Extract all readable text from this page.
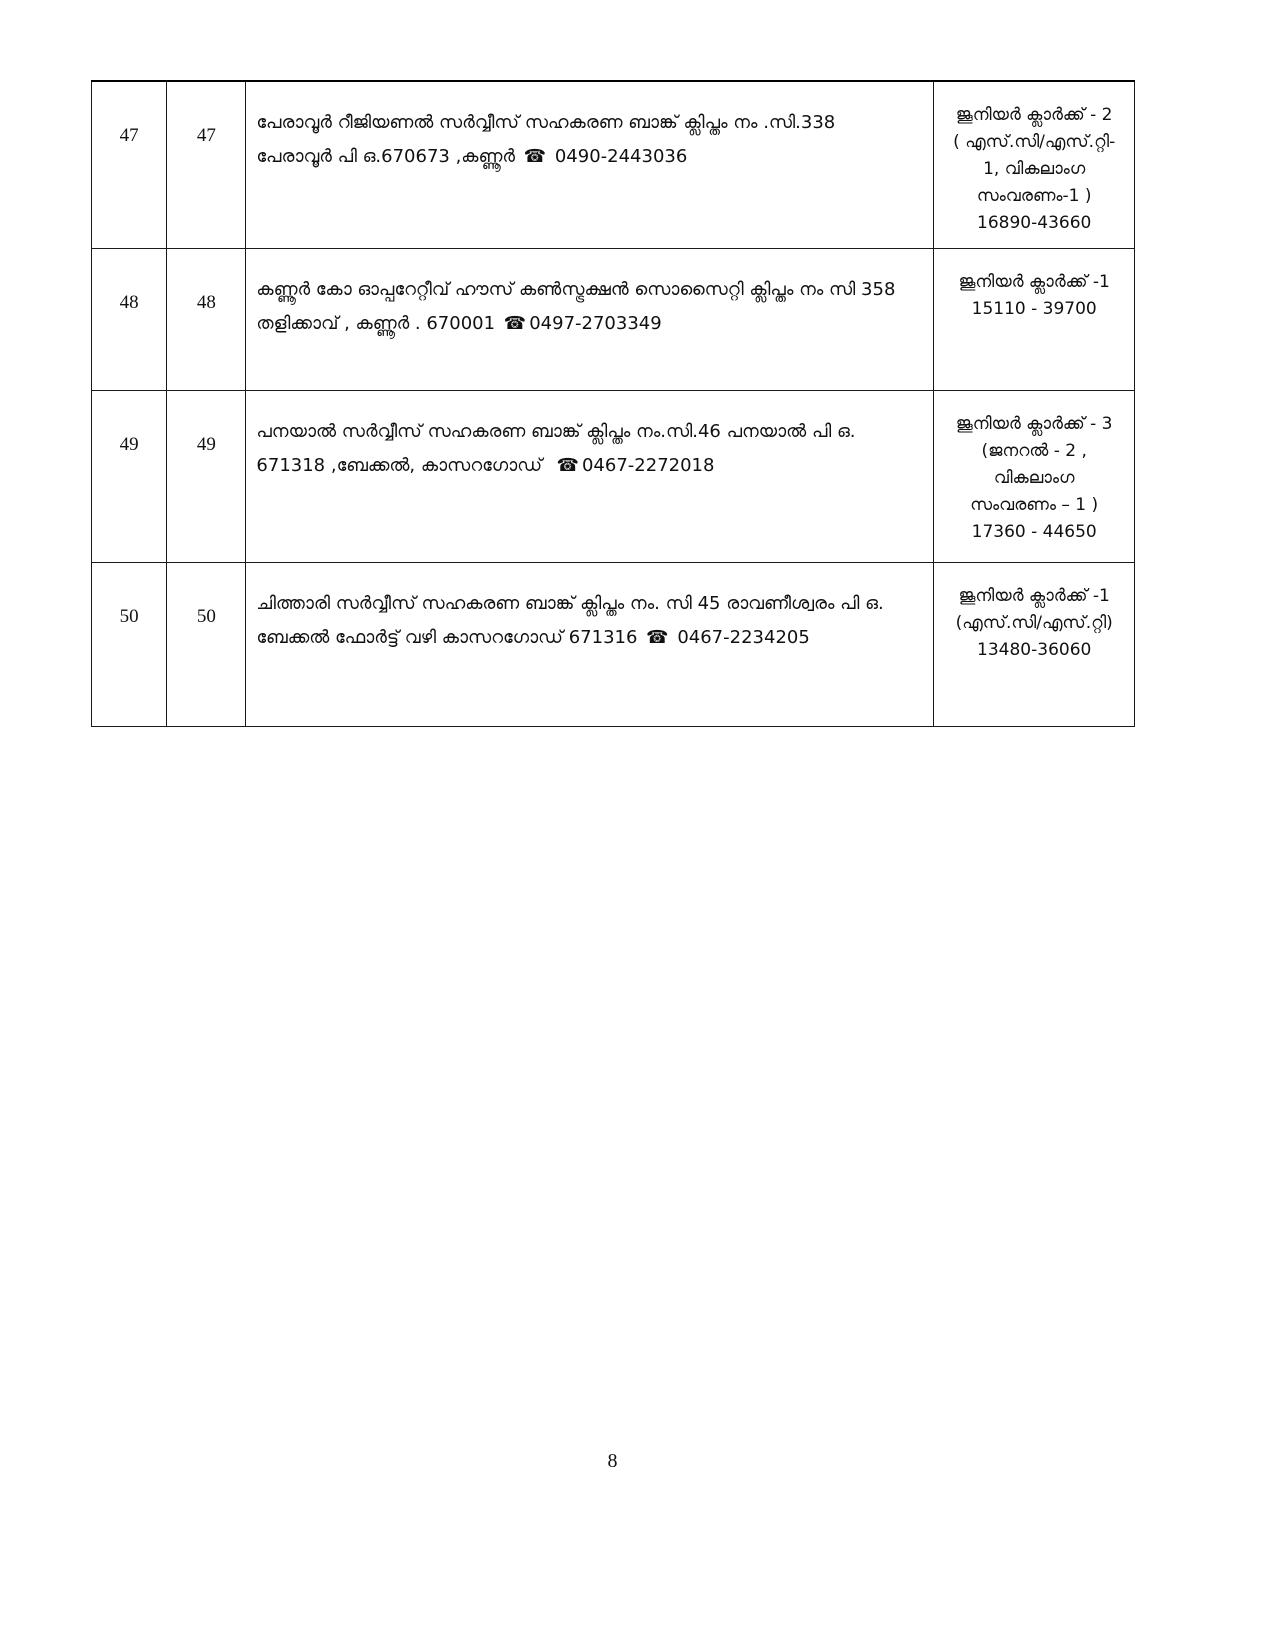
47	47	പേരാവൂർ റീജിയണൽ സർവ്വീസ് സഹകരണ ബാങ്ക് ക്ലിപ്തം നം .സി.338
പേരാവൂർ പി ഒ.670673 ,കണ്ണൂർ ☎ 0490-2443036	ജൂനിയർ ക്ലാർക്ക് - 2
( എസ്.സി/എസ്.റ്റി-
1, വികലാംഗ
സംവരണം-1 )
16890-43660

48	48	കണ്ണൂർ കോ ഓപ്പറേറ്റീവ് ഹൗസ് കൺസ്ട്രക്ഷൻ സൊസൈറ്റി ക്ലിപ്തം നം സി 358
തളിക്കാവ് , കണ്ണൂർ . 670001 ☎ 0497-2703349	ജൂനിയർ ക്ലാർക്ക് -1
15110 - 39700

49	49	പനയാൽ സർവ്വീസ് സഹകരണ ബാങ്ക് ക്ലിപ്തം നം.സി.46 പനയാൽ പി ഒ.
671318 ,ബേക്കൽ, കാസറഗോഡ് ☎ 0467-2272018	ജൂനിയർ ക്ലാർക്ക് - 3
(ജനറൽ - 2 ,
വികലാംഗ
സംവരണം – 1 )
17360 - 44650

50	50	ചിത്താരി സർവ്വീസ് സഹകരണ ബാങ്ക് ക്ലിപ്തം നം. സി 45 രാവണീശ്വരം പി ഒ.
ബേക്കൽ ഫോർട്ട് വഴി കാസറഗോഡ് 671316 ☎ 0467-2234205	ജൂനിയർ ക്ലാർക്ക് -1
(എസ്.സി/എസ്.റ്റി)
13480-36060
8
